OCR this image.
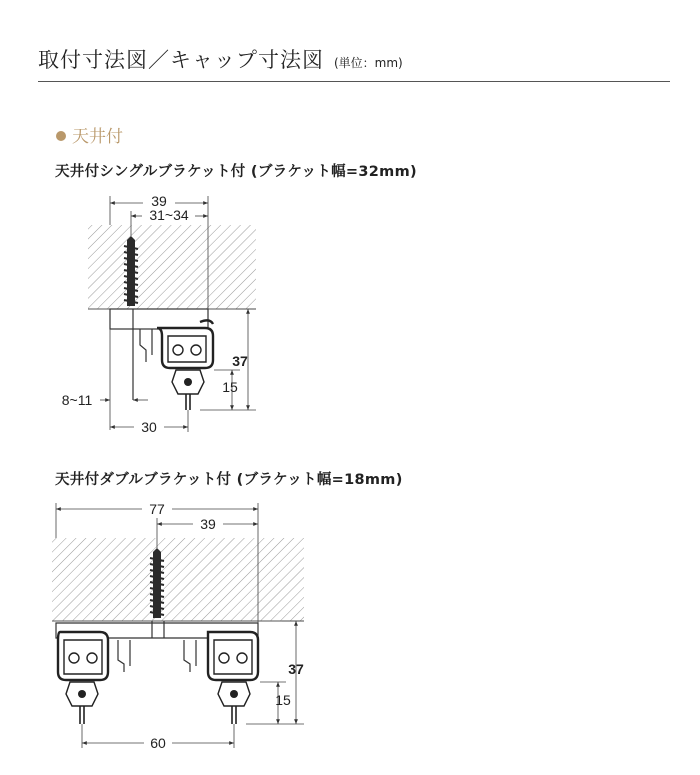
取付寸法図／キャップ寸法図 (単位：mm)
天井付
天井付シングルブラケット付 (ブラケット幅=32mm)
天井付ダブルブラケット付 (ブラケット幅=18mm)
39
31~34
37
15
8~11
30
77
39
37
15
60
